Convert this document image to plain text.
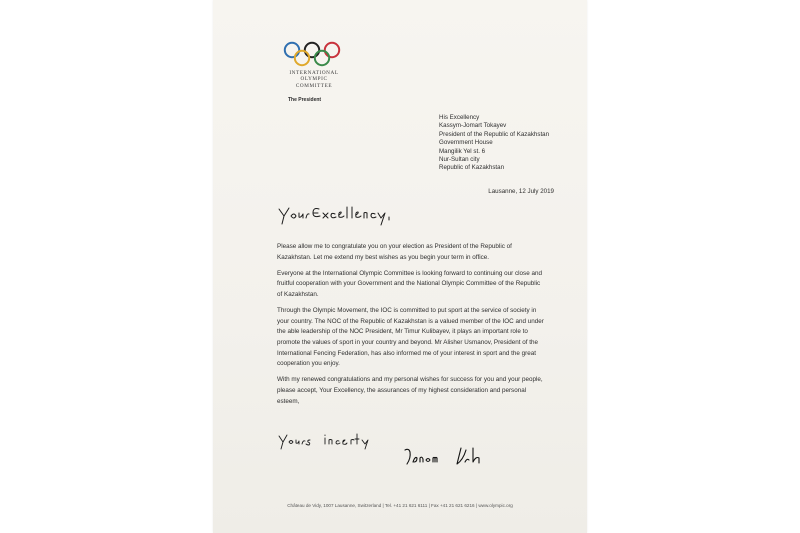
INTERNATIONAL
OLYMPIC
COMMITTEE
The President
His Excellency
Kassym-Jomart Tokayev
President of the Republic of Kazakhstan
Government House
Mangilik Yel st. 6
Nur-Sultan city
Republic of Kazakhstan
Lausanne, 12 July 2019

Please allow me to congratulate you on your election as President of the Republic of Kazakhstan. Let me extend my best wishes as you begin your term in office.

Everyone at the International Olympic Committee is looking forward to continuing our close and fruitful cooperation with your Government and the National Olympic Committee of the Republic of Kazakhstan.

Through the Olympic Movement, the IOC is committed to put sport at the service of society in your country. The NOC of the Republic of Kazakhstan is a valued member of the IOC and under the able leadership of the NOC President, Mr Timur Kulibayev, it plays an important role to promote the values of sport in your country and beyond. Mr Alisher Usmanov, President of the International Fencing Federation, has also informed me of your interest in sport and the great cooperation you enjoy.

With my renewed congratulations and my personal wishes for success for you and your people, please accept, Your Excellency, the assurances of my highest consideration and personal esteem,

Château de Vidy, 1007 Lausanne, Switzerland | Tel. +41 21 621 6111 | Fax +41 21 621 6216 | www.olympic.org
